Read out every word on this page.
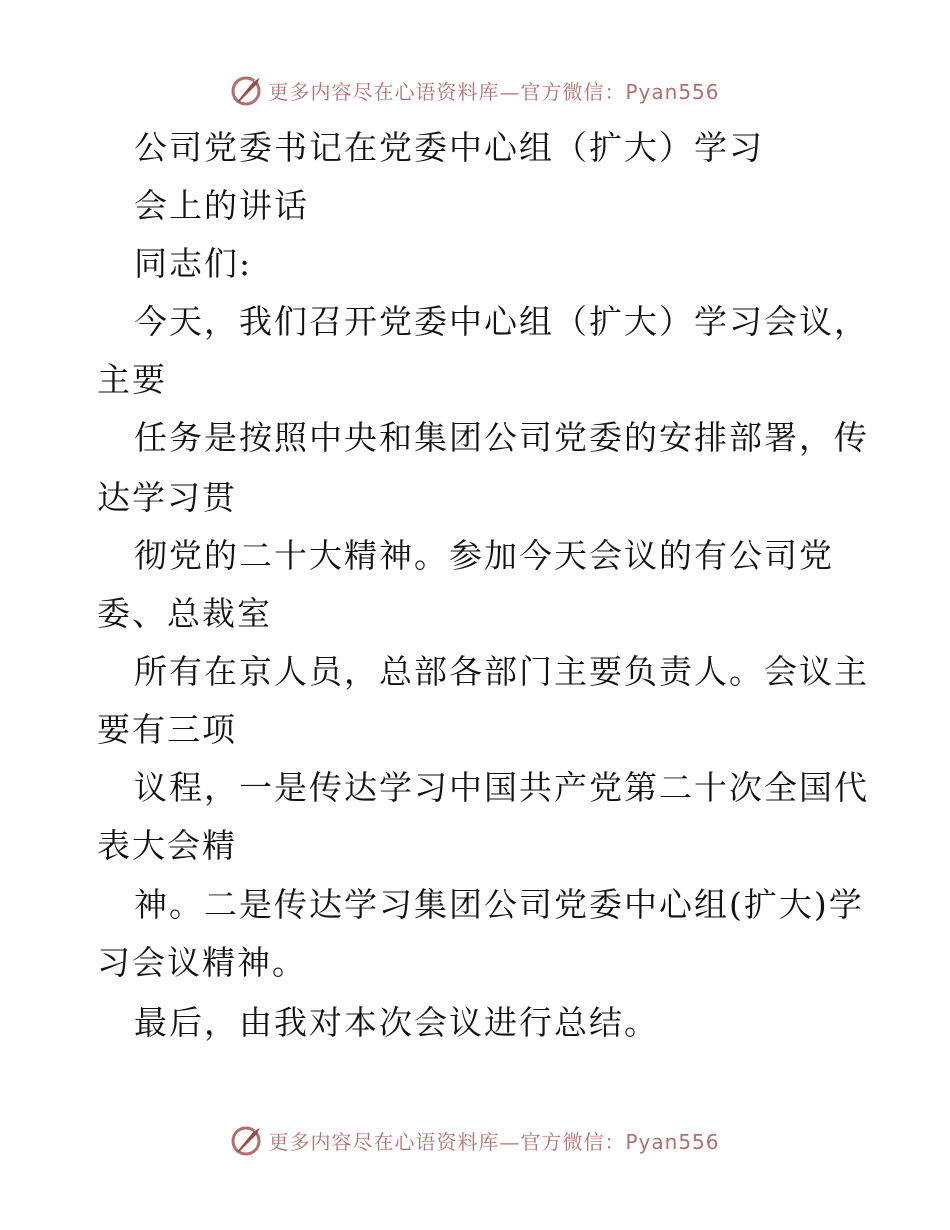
更多内容尽在心语资料库—官方微信：Pyan556
公司党委书记在党委中心组（扩大）学习
会上的讲话
同志们:
今天，我们召开党委中心组（扩大）学习会议，
主要
任务是按照中央和集团公司党委的安排部署，传
达学习贯
彻党的二十大精神。参加今天会议的有公司党
委、总裁室
所有在京人员，总部各部门主要负责人。会议主
要有三项
议程，一是传达学习中国共产党第二十次全国代
表大会精
神。二是传达学习集团公司党委中心组(扩大)学
习会议精神。
最后，由我对本次会议进行总结。
更多内容尽在心语资料库—官方微信：Pyan556
